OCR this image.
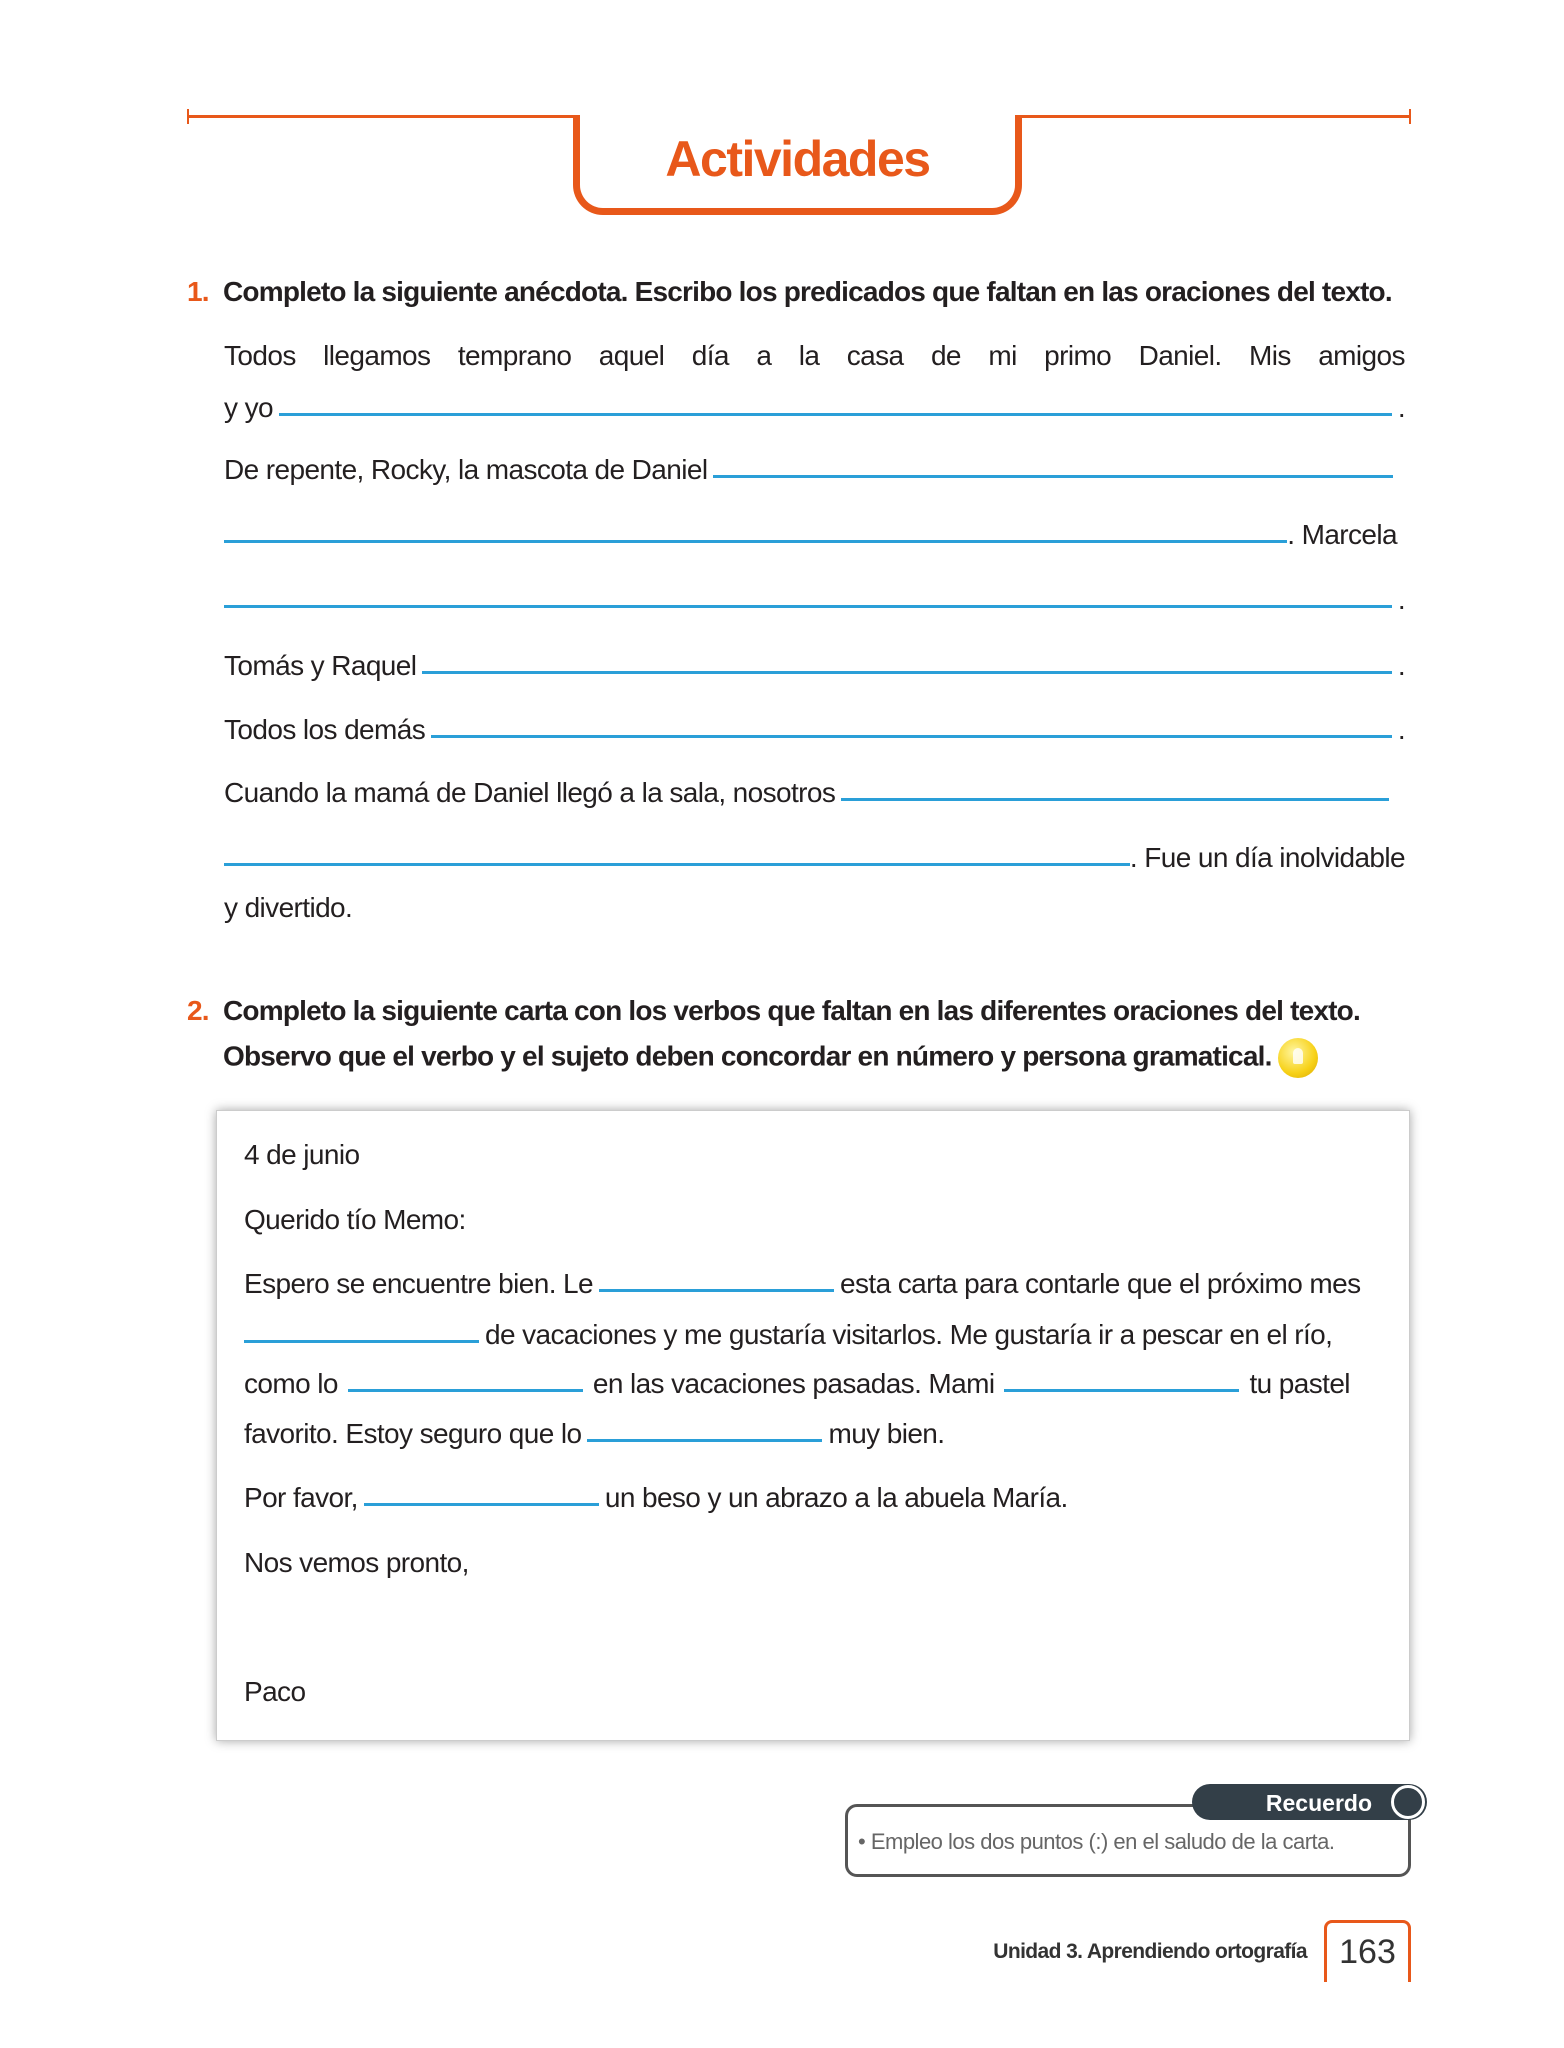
Actividades
1. Completo la siguiente anécdota. Escribo los predicados que faltan en las oraciones del texto.
Todos llegamos temprano aquel día a la casa de mi primo Daniel. Mis amigos
y yo	.
De repente, Rocky, la mascota de Daniel
. Marcela
.
Tomás y Raquel	.
Todos los demás	.
Cuando la mamá de Daniel llegó a la sala, nosotros
. Fue un día inolvidable
y divertido.
2. Completo la siguiente carta con los verbos que faltan en las diferentes oraciones del texto.
Observo que el verbo y el sujeto deben concordar en número y persona gramatical.
4 de junio
Querido tío Memo:
Espero se encuentre bien. Le	esta carta para contarle que el próximo mes
de vacaciones y me gustaría visitarlos. Me gustaría ir a pescar en el río,
como lo	en las vacaciones pasadas. Mami	tu pastel
favorito. Estoy seguro que lo	muy bien.
Por favor,	un beso y un abrazo a la abuela María.
Nos vemos pronto,
Paco
• Empleo los dos puntos (:) en el saludo de la carta.
Recuerdo
Unidad 3. Aprendiendo ortografía 163
